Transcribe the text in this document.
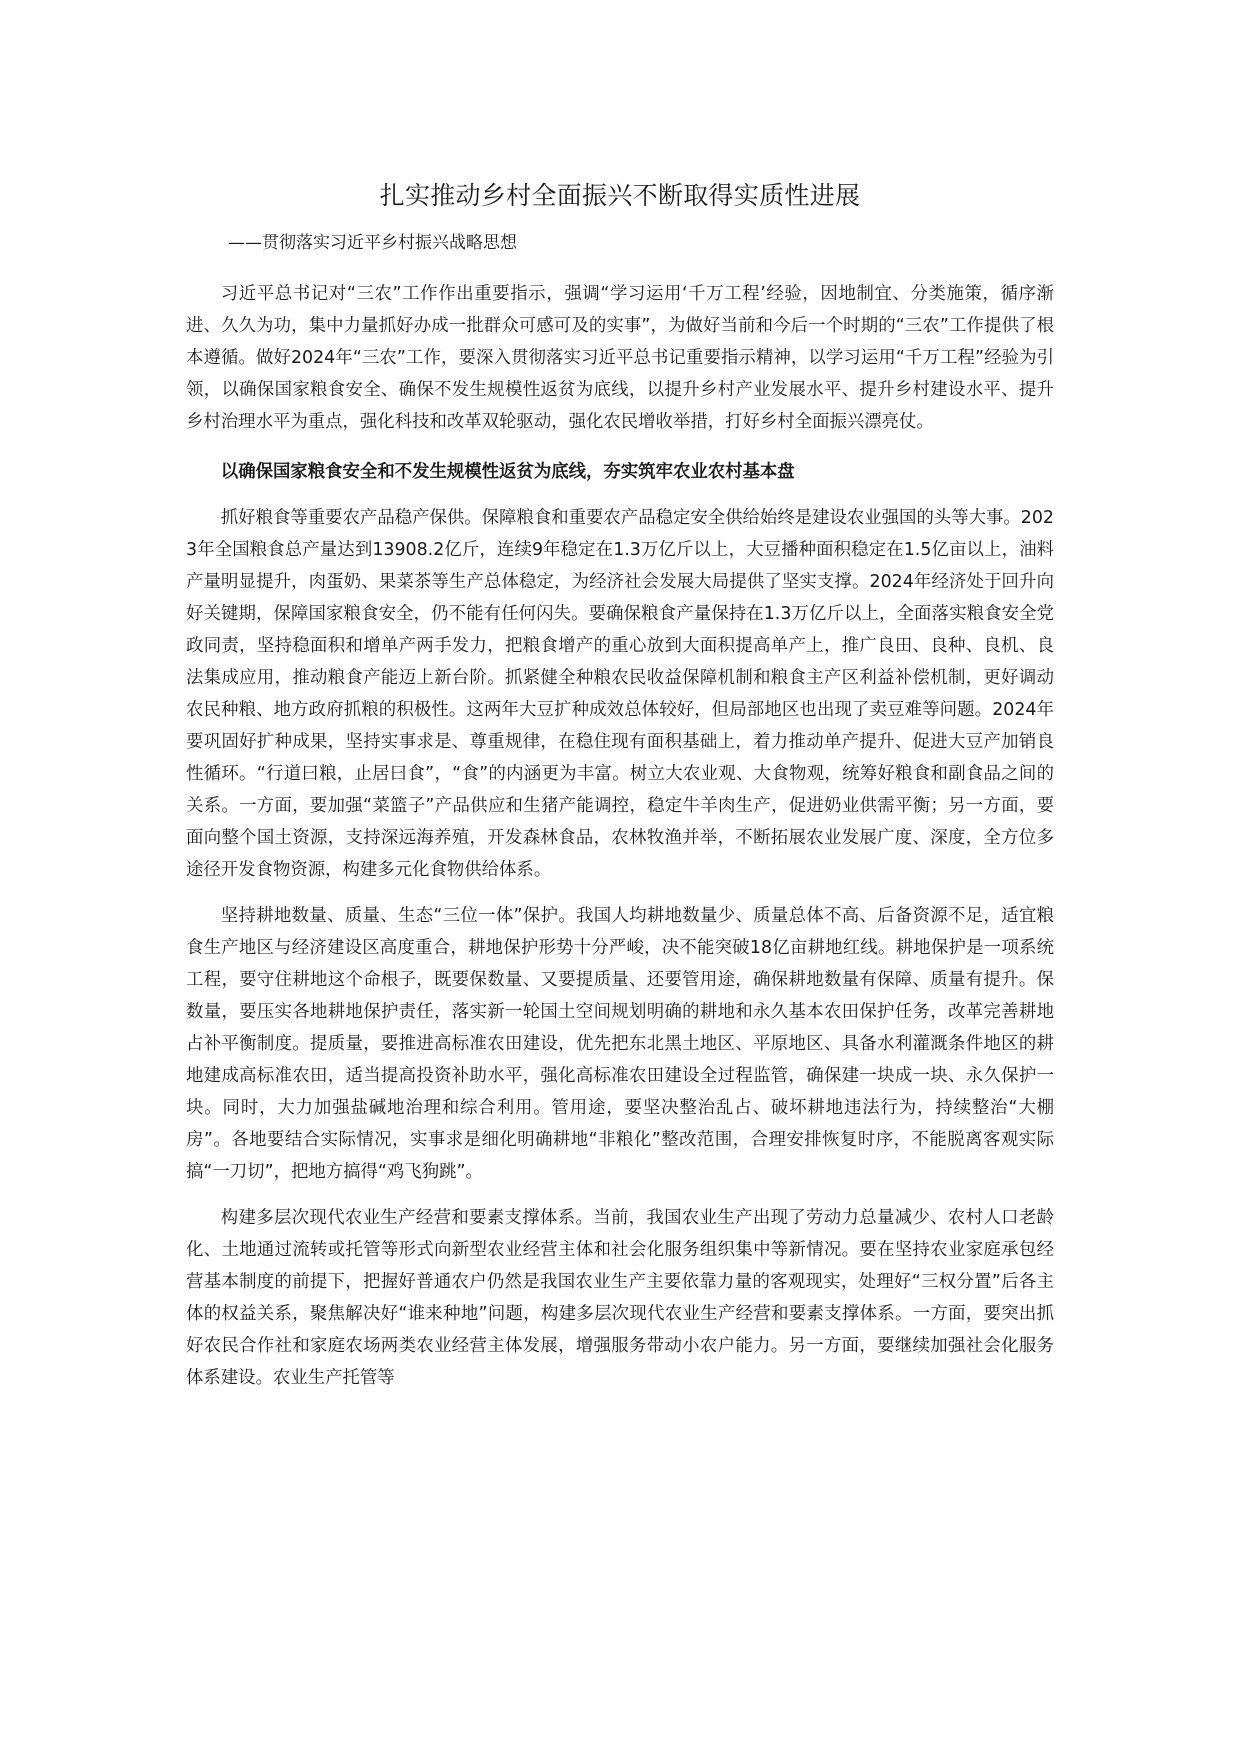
扎实推动乡村全面振兴不断取得实质性进展
——贯彻落实习近平乡村振兴战略思想

习近平总书记对“三农”工作作出重要指示，强调“学习运用‘千万工程’经验，因地制宜、分类施策，循序渐进、久久为功，集中力量抓好办成一批群众可感可及的实事”，为做好当前和今后一个时期的“三农”工作提供了根本遵循。做好2024年“三农”工作，要深入贯彻落实习近平总书记重要指示精神，以学习运用“千万工程”经验为引领，以确保国家粮食安全、确保不发生规模性返贫为底线，以提升乡村产业发展水平、提升乡村建设水平、提升乡村治理水平为重点，强化科技和改革双轮驱动，强化农民增收举措，打好乡村全面振兴漂亮仗。

以确保国家粮食安全和不发生规模性返贫为底线，夯实筑牢农业农村基本盘

抓好粮食等重要农产品稳产保供。保障粮食和重要农产品稳定安全供给始终是建设农业强国的头等大事。2023年全国粮食总产量达到13908.2亿斤，连续9年稳定在1.3万亿斤以上，大豆播种面积稳定在1.5亿亩以上，油料产量明显提升，肉蛋奶、果菜茶等生产总体稳定，为经济社会发展大局提供了坚实支撑。2024年经济处于回升向好关键期，保障国家粮食安全，仍不能有任何闪失。要确保粮食产量保持在1.3万亿斤以上，全面落实粮食安全党政同责，坚持稳面积和增单产两手发力，把粮食增产的重心放到大面积提高单产上，推广良田、良种、良机、良法集成应用，推动粮食产能迈上新台阶。抓紧健全种粮农民收益保障机制和粮食主产区利益补偿机制，更好调动农民种粮、地方政府抓粮的积极性。这两年大豆扩种成效总体较好，但局部地区也出现了卖豆难等问题。2024年要巩固好扩种成果，坚持实事求是、尊重规律，在稳住现有面积基础上，着力推动单产提升、促进大豆产加销良性循环。“行道曰粮，止居曰食”，“食”的内涵更为丰富。树立大农业观、大食物观，统筹好粮食和副食品之间的关系。一方面，要加强“菜篮子”产品供应和生猪产能调控，稳定牛羊肉生产，促进奶业供需平衡；另一方面，要面向整个国土资源，支持深远海养殖，开发森林食品，农林牧渔并举，不断拓展农业发展广度、深度，全方位多途径开发食物资源，构建多元化食物供给体系。

坚持耕地数量、质量、生态“三位一体”保护。我国人均耕地数量少、质量总体不高、后备资源不足，适宜粮食生产地区与经济建设区高度重合，耕地保护形势十分严峻，决不能突破18亿亩耕地红线。耕地保护是一项系统工程，要守住耕地这个命根子，既要保数量、又要提质量、还要管用途，确保耕地数量有保障、质量有提升。保数量，要压实各地耕地保护责任，落实新一轮国土空间规划明确的耕地和永久基本农田保护任务，改革完善耕地占补平衡制度。提质量，要推进高标准农田建设，优先把东北黑土地区、平原地区、具备水利灌溉条件地区的耕地建成高标准农田，适当提高投资补助水平，强化高标准农田建设全过程监管，确保建一块成一块、永久保护一块。同时，大力加强盐碱地治理和综合利用。管用途，要坚决整治乱占、破坏耕地违法行为，持续整治“大棚房”。各地要结合实际情况，实事求是细化明确耕地“非粮化”整改范围，合理安排恢复时序，不能脱离客观实际搞“一刀切”，把地方搞得“鸡飞狗跳”。

构建多层次现代农业生产经营和要素支撑体系。当前，我国农业生产出现了劳动力总量减少、农村人口老龄化、土地通过流转或托管等形式向新型农业经营主体和社会化服务组织集中等新情况。要在坚持农业家庭承包经营基本制度的前提下，把握好普通农户仍然是我国农业生产主要依靠力量的客观现实，处理好“三权分置”后各主体的权益关系，聚焦解决好“谁来种地”问题，构建多层次现代农业生产经营和要素支撑体系。一方面，要突出抓好农民合作社和家庭农场两类农业经营主体发展，增强服务带动小农户能力。另一方面，要继续加强社会化服务体系建设。农业生产托管等
